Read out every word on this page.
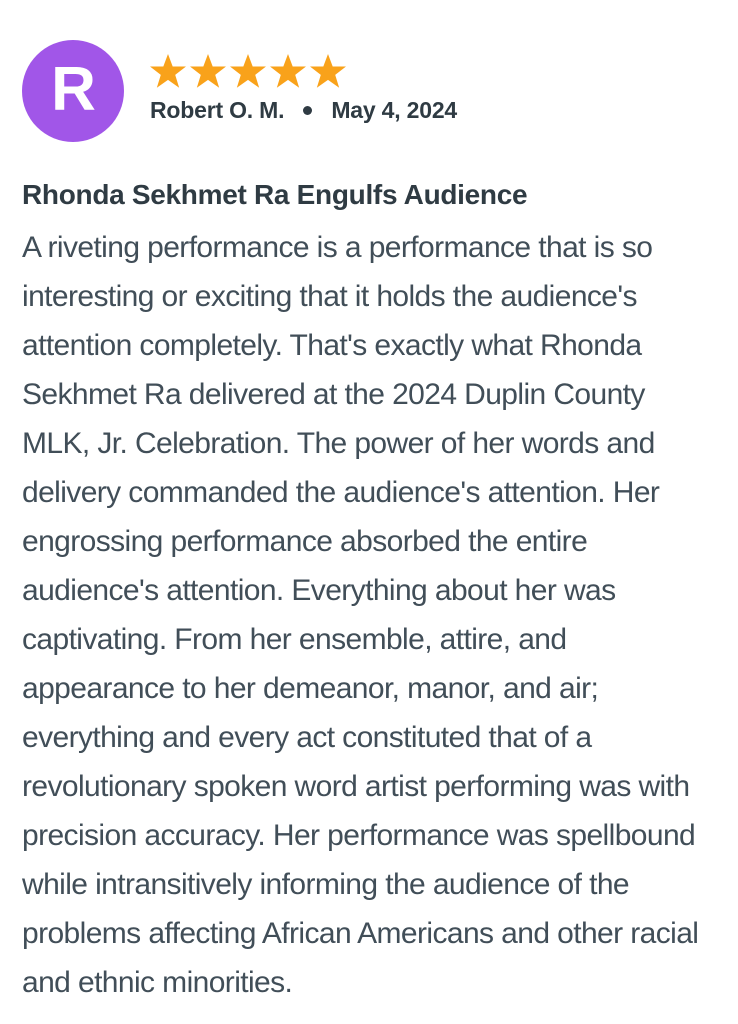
R Robert O. M. May 4, 2024
Rhonda Sekhmet Ra Engulfs Audience
A riveting performance is a performance that is so interesting or exciting that it holds the audience's attention completely. That's exactly what Rhonda Sekhmet Ra delivered at the 2024 Duplin County MLK, Jr. Celebration. The power of her words and delivery commanded the audience's attention. Her engrossing performance absorbed the entire audience's attention. Everything about her was captivating. From her ensemble, attire, and appearance to her demeanor, manor, and air; everything and every act constituted that of a revolutionary spoken word artist performing was with precision accuracy. Her performance was spellbound while intransitively informing the audience of the problems affecting African Americans and other racial and ethnic minorities.
